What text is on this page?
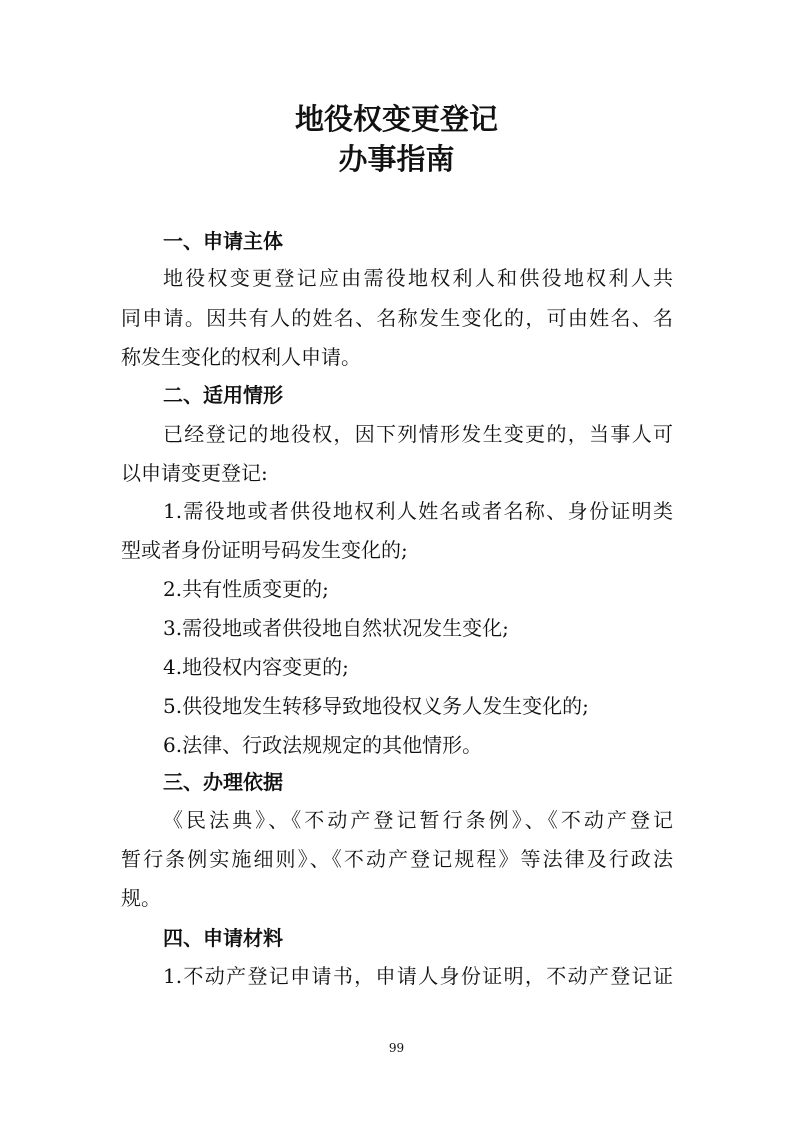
地役权变更登记
办事指南

一、申请主体

地役权变更登记应由需役地权利人和供役地权利人共

同申请。因共有人的姓名、名称发生变化的，可由姓名、名

称发生变化的权利人申请。

二、适用情形

已经登记的地役权，因下列情形发生变更的，当事人可

以申请变更登记:

1.需役地或者供役地权利人姓名或者名称、身份证明类

型或者身份证明号码发生变化的;

2.共有性质变更的;

3.需役地或者供役地自然状况发生变化;

4.地役权内容变更的;

5.供役地发生转移导致地役权义务人发生变化的;

6.法律、行政法规规定的其他情形。

三、办理依据

《民法典》、《不动产登记暂行条例》、《不动产登记

暂行条例实施细则》、《不动产登记规程》等法律及行政法

规。

四、申请材料

1.不动产登记申请书，申请人身份证明，不动产登记证

99
